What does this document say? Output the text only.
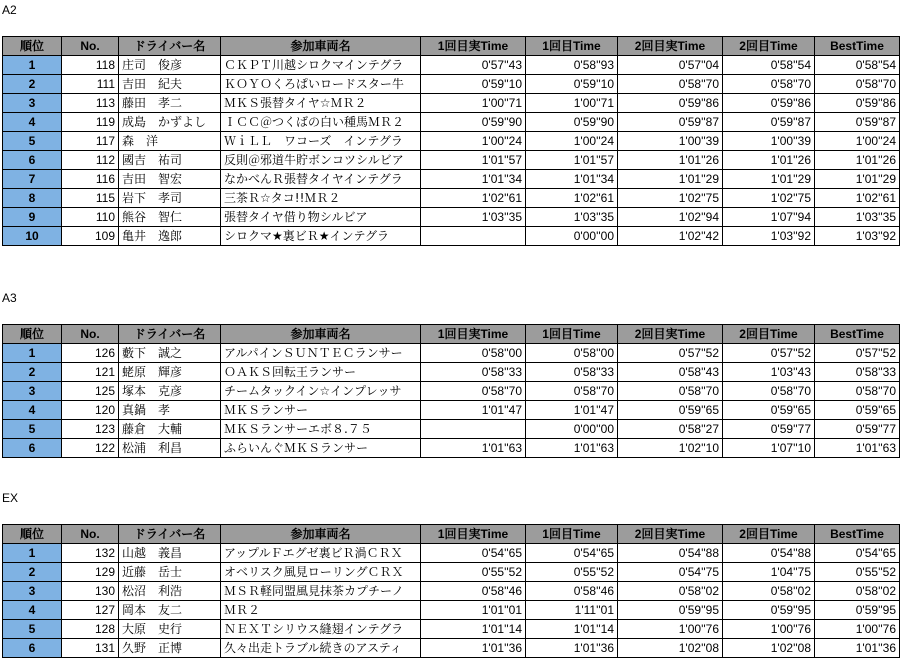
A2
順位	No.	ドライバー名	参加車両名	1回目実Time	1回目Time	2回目実Time	2回目Time	BestTime
1	118	庄司　俊彦	ＣＫＰＴ川越シロクマインテグラ	0'57''43	0'58''93	0'57''04	0'58''54	0'58''54
2	111	吉田　紀夫	ＫＯＹＯくろぱいロードスター牛	0'59''10	0'59''10	0'58''70	0'58''70	0'58''70
3	113	藤田　孝二	ＭＫＳ張替タイヤ☆ＭＲ２	1'00''71	1'00''71	0'59''86	0'59''86	0'59''86
4	119	成島　かずよし	ＩＣＣ＠つくばの白い種馬ＭＲ２	0'59''90	0'59''90	0'59''87	0'59''87	0'59''87
5	117	森　洋	ＷｉＬＬ　ワコーズ　インテグラ	1'00''24	1'00''24	1'00''39	1'00''39	1'00''24
6	112	國吉　祐司	反則＠邪道牛貯ボンコツシルビア	1'01''57	1'01''57	1'01''26	1'01''26	1'01''26
7	116	吉田　智宏	なかべんＲ張替タイヤインテグラ	1'01''34	1'01''34	1'01''29	1'01''29	1'01''29
8	115	岩下　孝司	三茶Ｒ☆タコ!!ＭＲ２	1'02''61	1'02''61	1'02''75	1'02''75	1'02''61
9	110	熊谷　智仁	張替タイヤ借り物シルビア	1'03''35	1'03''35	1'02''94	1'07''94	1'03''35
10	109	亀井　逸郎	シロクマ★裏ビＲ★インテグラ		0'00''00	1'02''42	1'03''92	1'03''92
A3
順位	No.	ドライバー名	参加車両名	1回目実Time	1回目Time	2回目実Time	2回目Time	BestTime
1	126	藪下　誠之	アルパインＳＵＮＴＥＣランサー	0'58''00	0'58''00	0'57''52	0'57''52	0'57''52
2	121	蛯原　輝彦	ＯＡＫＳ回転王ランサー	0'58''33	0'58''33	0'58''43	1'03''43	0'58''33
3	125	塚本　克彦	チームタックイン☆インプレッサ	0'58''70	0'58''70	0'58''70	0'58''70	0'58''70
4	120	真鍋　孝	ＭＫＳランサー	1'01''47	1'01''47	0'59''65	0'59''65	0'59''65
5	123	藤倉　大輔	ＭＫＳランサーエボ８.７５		0'00''00	0'58''27	0'59''77	0'59''77
6	122	松浦　利昌	ふらいんぐＭＫＳランサー	1'01''63	1'01''63	1'02''10	1'07''10	1'01''63
EX
順位	No.	ドライバー名	参加車両名	1回目実Time	1回目Time	2回目実Time	2回目Time	BestTime
1	132	山越　義昌	アップルＦエグゼ裏ビＲ渦ＣＲＸ	0'54''65	0'54''65	0'54''88	0'54''88	0'54''65
2	129	近藤　岳士	オベリスク風見ローリングＣＲＸ	0'55''52	0'55''52	0'54''75	1'04''75	0'55''52
3	130	松沼　利浩	ＭＳＲ軽同盟風見抹茶カプチーノ	0'58''46	0'58''46	0'58''02	0'58''02	0'58''02
4	127	岡本　友二	ＭＲ２	1'01''01	1'11''01	0'59''95	0'59''95	0'59''95
5	128	大原　史行	ＮＥＸＴシリウス縫翅インテグラ	1'01''14	1'01''14	1'00''76	1'00''76	1'00''76
6	131	久野　正博	久々出走トラブル続きのアスティ	1'01''36	1'01''36	1'02''08	1'02''08	1'01''36
